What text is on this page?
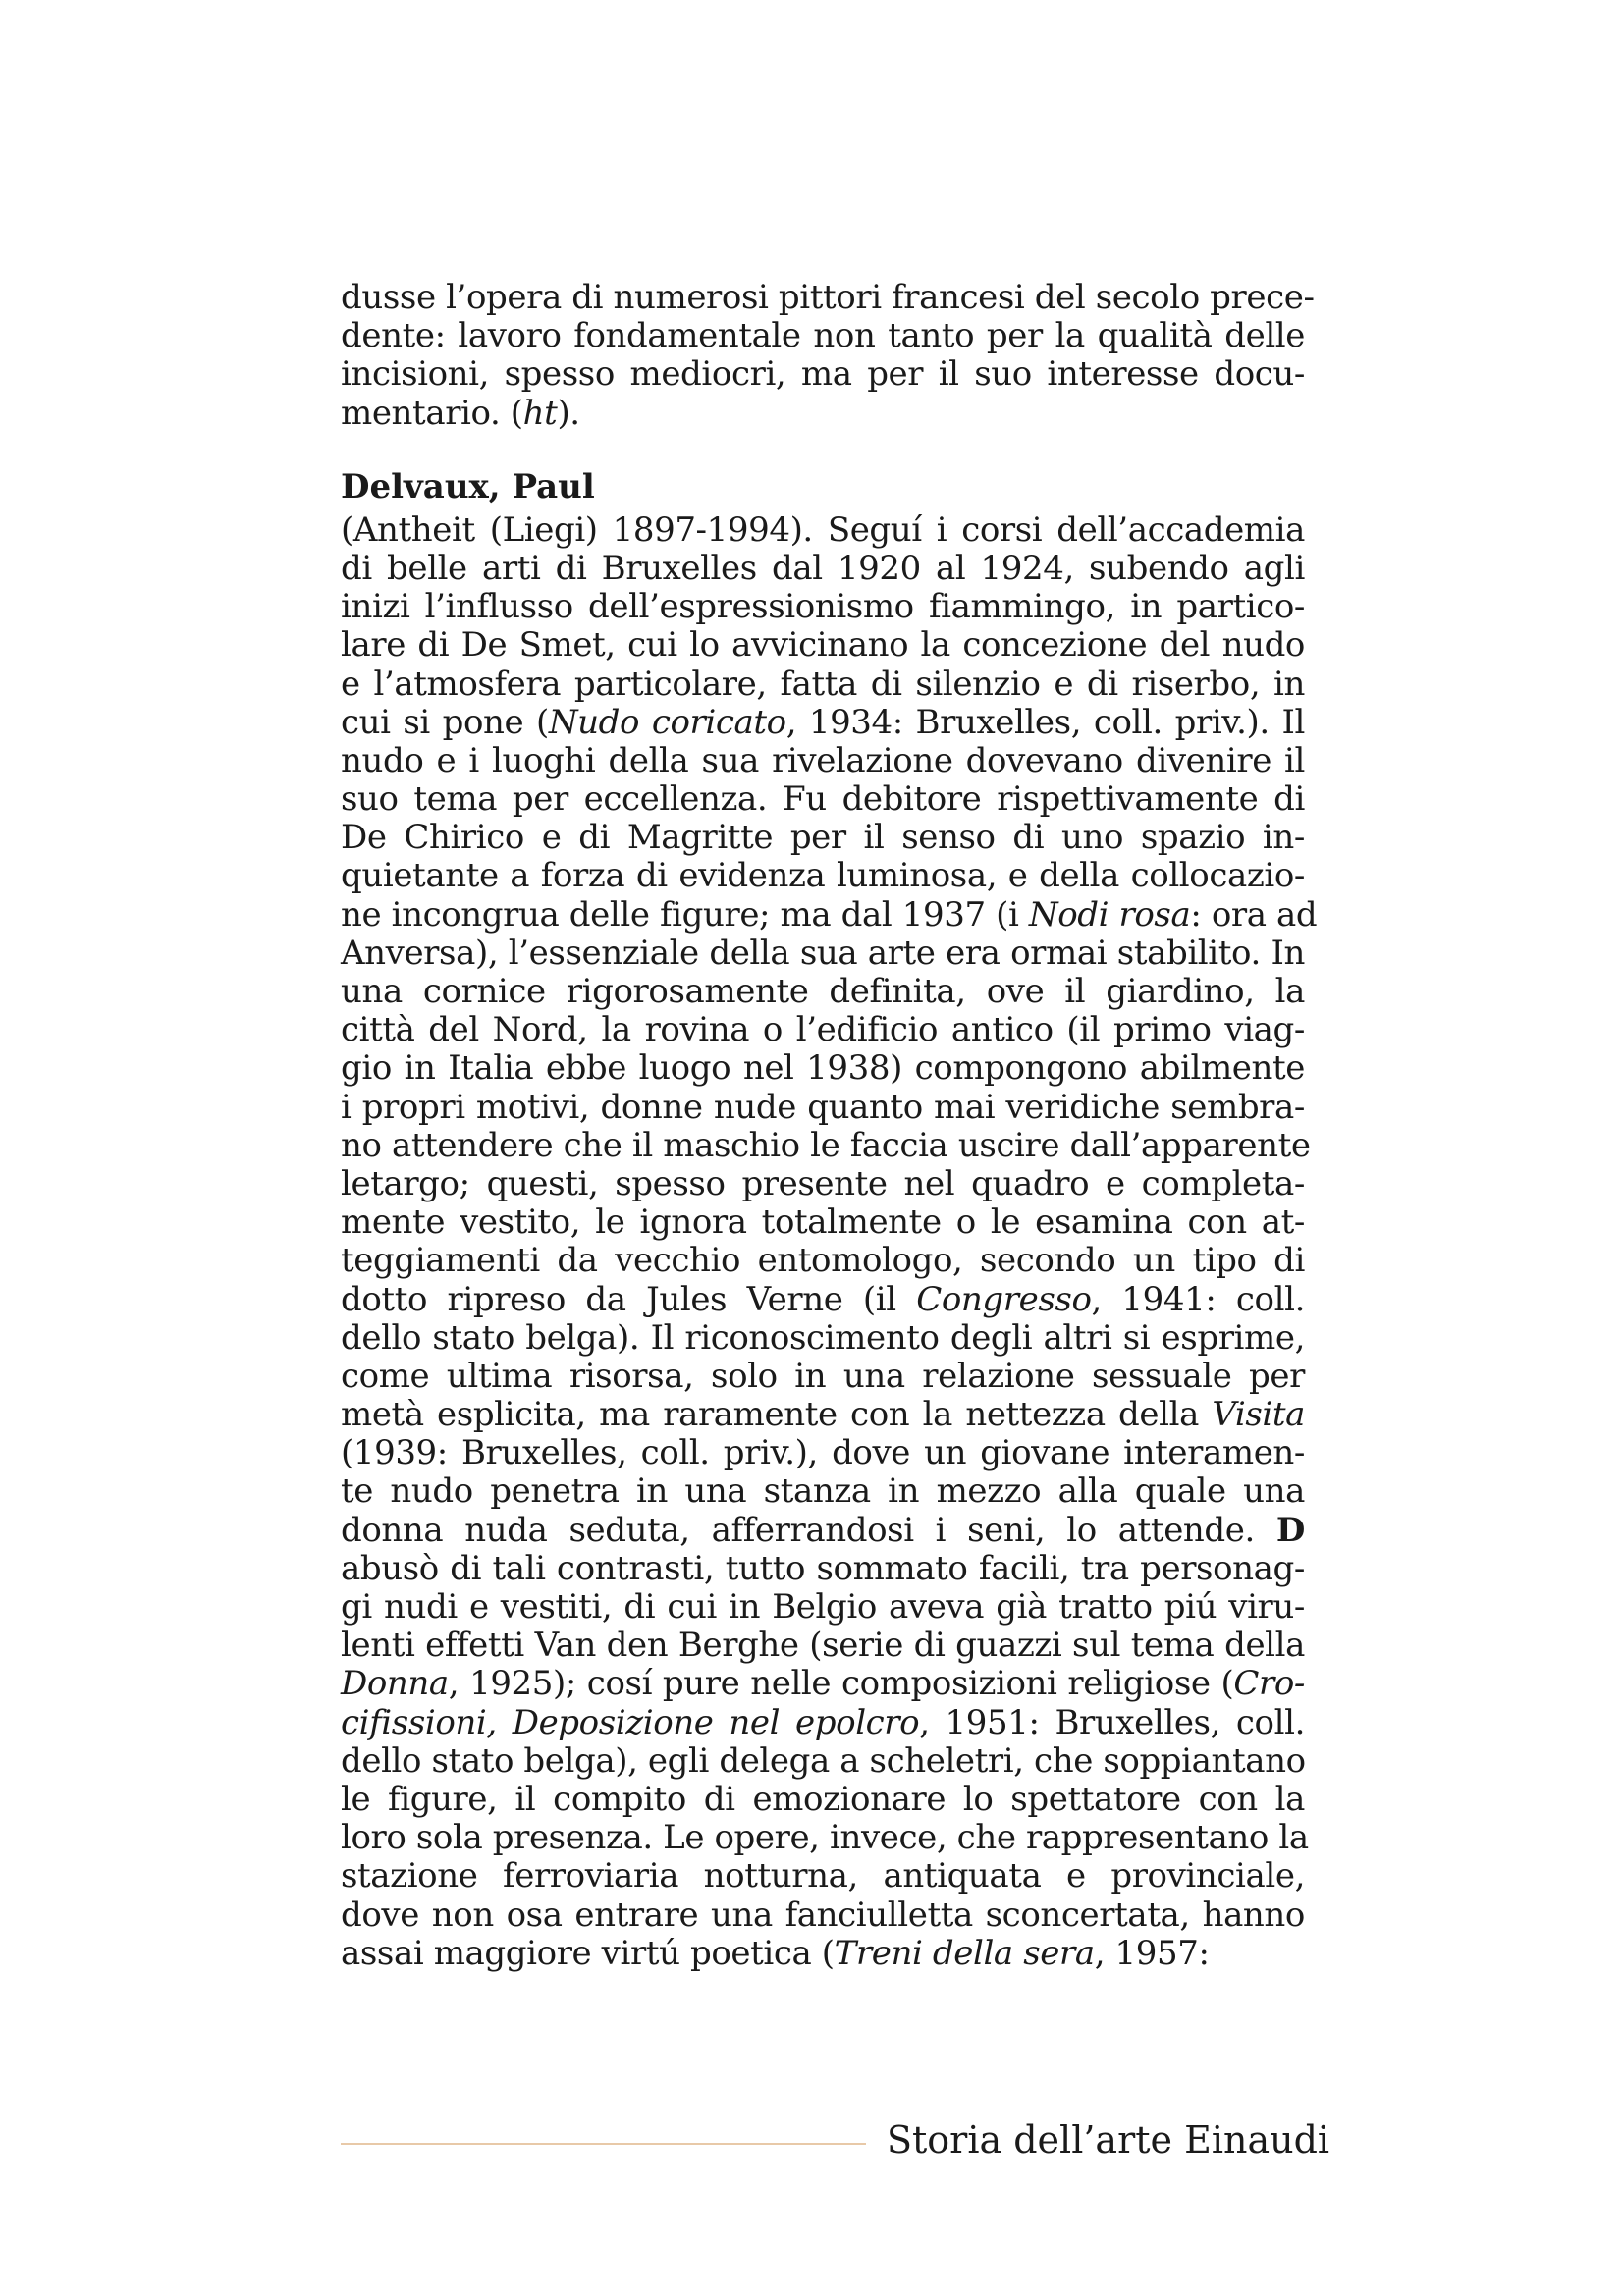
dusse l’opera di numerosi pittori francesi del secolo prece-
dente: lavoro fondamentale non tanto per la qualità delle
incisioni, spesso mediocri, ma per il suo interesse docu-
mentario. (ht).
Delvaux, Paul
(Antheit (Liegi) 1897-1994). Seguí i corsi dell’accademia
di belle arti di Bruxelles dal 1920 al 1924, subendo agli
inizi l’influsso dell’espressionismo fiammingo, in partico-
lare di De Smet, cui lo avvicinano la concezione del nudo
e l’atmosfera particolare, fatta di silenzio e di riserbo, in
cui si pone (Nudo coricato, 1934: Bruxelles, coll. priv.). Il
nudo e i luoghi della sua rivelazione dovevano divenire il
suo tema per eccellenza. Fu debitore rispettivamente di
De Chirico e di Magritte per il senso di uno spazio in-
quietante a forza di evidenza luminosa, e della collocazio-
ne incongrua delle figure; ma dal 1937 (i Nodi rosa: ora ad
Anversa), l’essenziale della sua arte era ormai stabilito. In
una cornice rigorosamente definita, ove il giardino, la
città del Nord, la rovina o l’edificio antico (il primo viag-
gio in Italia ebbe luogo nel 1938) compongono abilmente
i propri motivi, donne nude quanto mai veridiche sembra-
no attendere che il maschio le faccia uscire dall’apparente
letargo; questi, spesso presente nel quadro e completa-
mente vestito, le ignora totalmente o le esamina con at-
teggiamenti da vecchio entomologo, secondo un tipo di
dotto ripreso da Jules Verne (il Congresso, 1941: coll.
dello stato belga). Il riconoscimento degli altri si esprime,
come ultima risorsa, solo in una relazione sessuale per
metà esplicita, ma raramente con la nettezza della Visita
(1939: Bruxelles, coll. priv.), dove un giovane interamen-
te nudo penetra in una stanza in mezzo alla quale una
donna nuda seduta, afferrandosi i seni, lo attende. D
abusò di tali contrasti, tutto sommato facili, tra personag-
gi nudi e vestiti, di cui in Belgio aveva già tratto piú viru-
lenti effetti Van den Berghe (serie di guazzi sul tema della
Donna, 1925); cosí pure nelle composizioni religiose (Cro-
cifissioni, Deposizione nel epolcro, 1951: Bruxelles, coll.
dello stato belga), egli delega a scheletri, che soppiantano
le figure, il compito di emozionare lo spettatore con la
loro sola presenza. Le opere, invece, che rappresentano la
stazione ferroviaria notturna, antiquata e provinciale,
dove non osa entrare una fanciulletta sconcertata, hanno
assai maggiore virtú poetica (Treni della sera, 1957:
Storia dell’arte Einaudi
